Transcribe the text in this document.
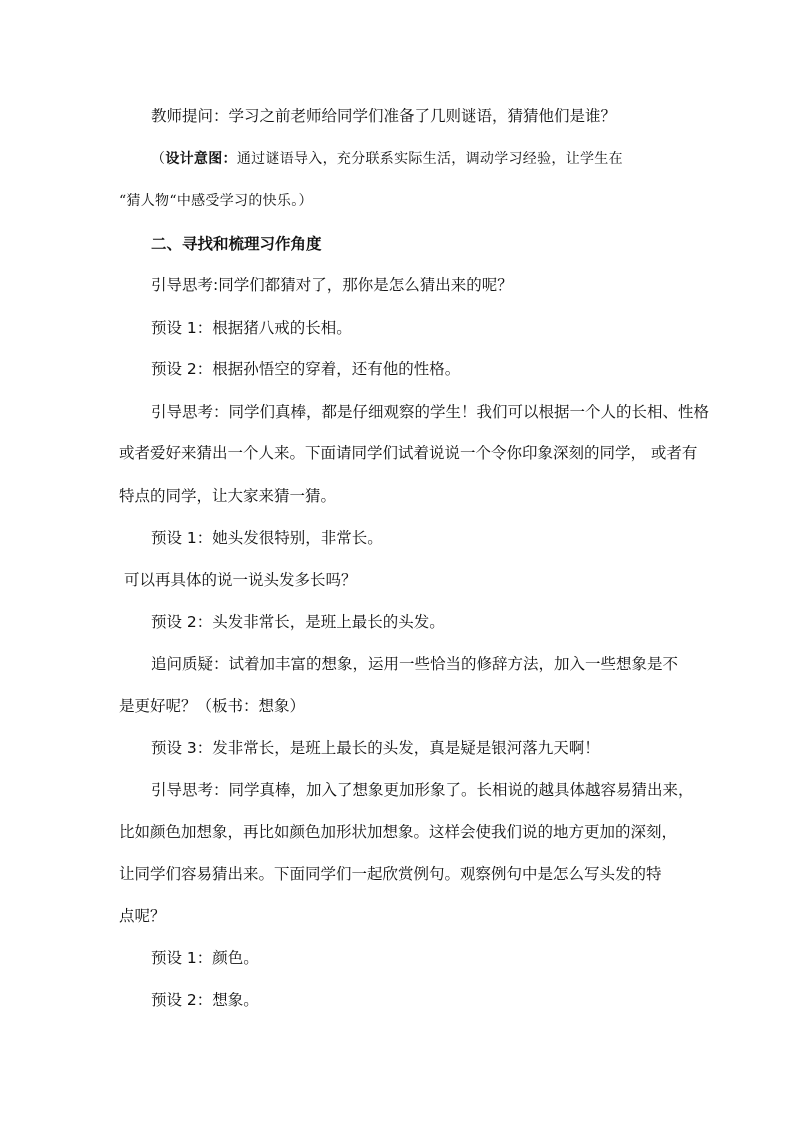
教师提问：学习之前老师给同学们准备了几则谜语，猜猜他们是谁？
（设计意图：通过谜语导入，充分联系实际生活，调动学习经验，让学生在
“猜人物“中感受学习的快乐。）
二、寻找和梳理习作角度
引导思考:同学们都猜对了，那你是怎么猜出来的呢？
预设 1：根据猪八戒的长相。
预设 2：根据孙悟空的穿着，还有他的性格。
引导思考：同学们真棒，都是仔细观察的学生！我们可以根据一个人的长相、性格
或者爱好来猜出一个人来。下面请同学们试着说说一个令你印象深刻的同学， 或者有
特点的同学，让大家来猜一猜。
预设 1：她头发很特别，非常长。
可以再具体的说一说头发多长吗？
预设 2：头发非常长，是班上最长的头发。
追问质疑：试着加丰富的想象，运用一些恰当的修辞方法，加入一些想象是不
是更好呢？（板书：想象）
预设 3：发非常长，是班上最长的头发，真是疑是银河落九天啊！
引导思考：同学真棒，加入了想象更加形象了。长相说的越具体越容易猜出来，
比如颜色加想象，再比如颜色加形状加想象。这样会使我们说的地方更加的深刻，
让同学们容易猜出来。下面同学们一起欣赏例句。观察例句中是怎么写头发的特
点呢？
预设 1：颜色。
预设 2：想象。
